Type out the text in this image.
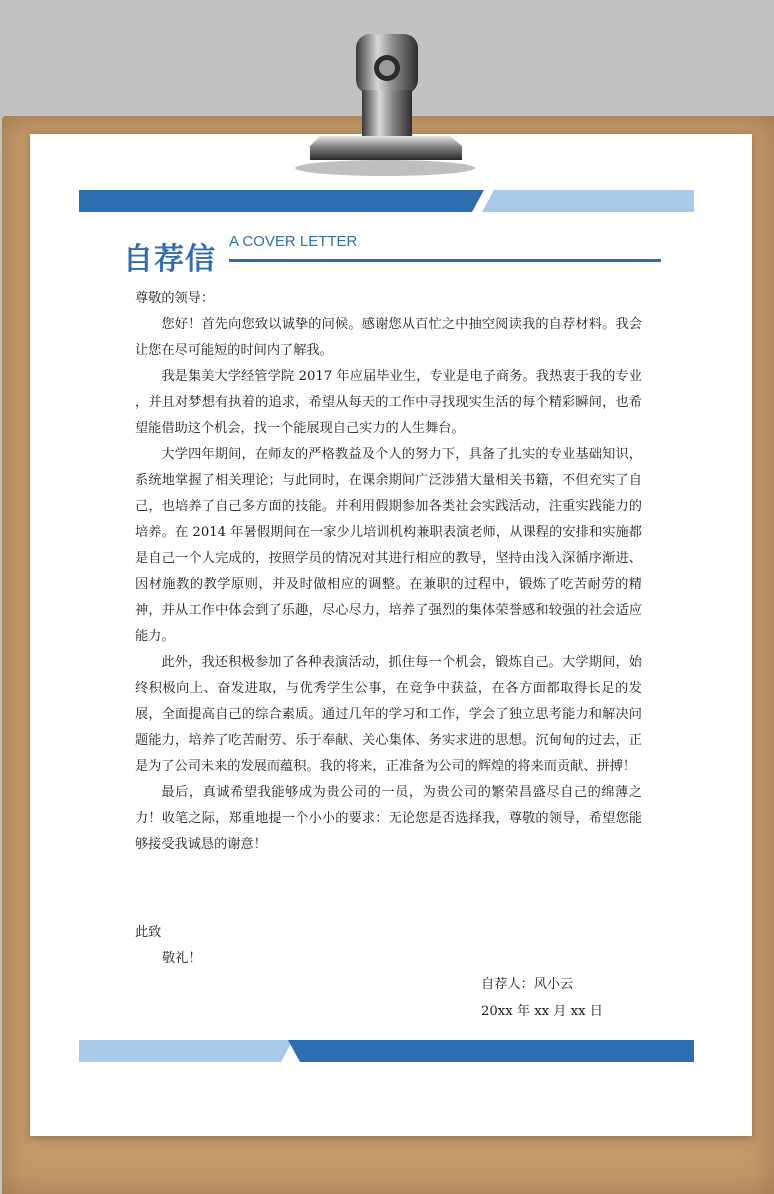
自荐信
A COVER LETTER

尊敬的领导：

您好！首先向您致以诚挚的问候。感谢您从百忙之中抽空阅读我的自荐材料。我会让您在尽可能短的时间内了解我。

我是集美大学经管学院 2017 年应届毕业生，专业是电子商务。我热衷于我的专业 ，并且对梦想有执着的追求，希望从每天的工作中寻找现实生活的每个精彩瞬间，也希望能借助这个机会，找一个能展现自己实力的人生舞台。

大学四年期间，在师友的严格教益及个人的努力下，具备了扎实的专业基础知识，系统地掌握了相关理论；与此同时，在课余期间广泛涉猎大量相关书籍，不但充实了自己，也培养了自己多方面的技能。并利用假期参加各类社会实践活动，注重实践能力的培养。在 2014 年暑假期间在一家少儿培训机构兼职表演老师，从课程的安排和实施都是自己一个人完成的，按照学员的情况对其进行相应的教导，坚持由浅入深循序渐进、因材施教的教学原则，并及时做相应的调整。在兼职的过程中，锻炼了吃苦耐劳的精神，并从工作中体会到了乐趣，尽心尽力，培养了强烈的集体荣誉感和较强的社会适应能力。

此外，我还积极参加了各种表演活动，抓住每一个机会，锻炼自己。大学期间，始终积极向上、奋发进取，与优秀学生公事，在竞争中获益，在各方面都取得长足的发展，全面提高自己的综合素质。通过几年的学习和工作，学会了独立思考能力和解决问题能力，培养了吃苦耐劳、乐于奉献、关心集体、务实求进的思想。沉甸甸的过去，正是为了公司未来的发展而蕴积。我的将来，正准备为公司的辉煌的将来而贡献、拼搏！

最后，真诚希望我能够成为贵公司的一员，为贵公司的繁荣昌盛尽自己的绵薄之力！收笔之际，郑重地提一个小小的要求：无论您是否选择我，尊敬的领导，希望您能够接受我诚恳的谢意！

此致
敬礼！
自荐人：风小云
20xx 年 xx 月 xx 日
